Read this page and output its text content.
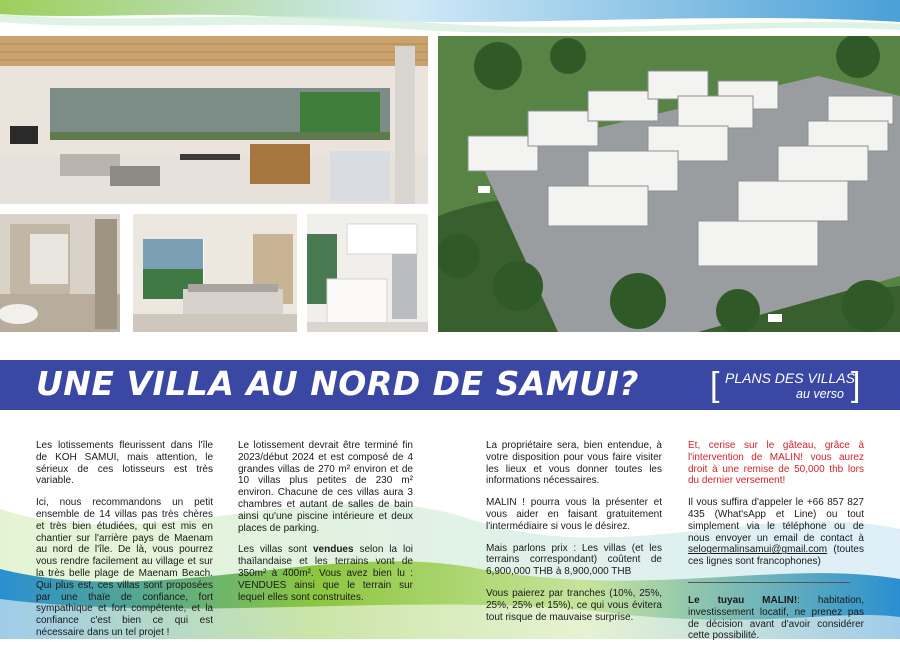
UNE VILLA AU NORD DE SAMUI? [	]
PLANS DES VILLAS
au verso

Les lotissements fleurissent dans l'île de KOH SAMUI, mais attention, le sérieux de ces lotisseurs est très variable.

Ici, nous recommandons un petit ensemble de 14 villas pas très chères et très bien étudiées, qui est mis en chantier sur l'arrière pays de Maenam au nord de l'île. De là, vous pourrez vous rendre facilement au village et sur la très belle plage de Maenam Beach. Qui plus est, ces villas sont proposées par une thaïe de confiance, fort sympathique et fort compétente, et la confiance c'est bien ce qui est nécessaire dans un tel projet !

Le lotissement devrait être terminé fin 2023/début 2024 et est composé de 4 grandes villas de 270 m² environ et de 10 villas plus petites de 230 m² environ. Chacune de ces villas aura 3 chambres et autant de salles de bain ainsi qu'une piscine intérieure et deux places de parking.

Les villas sont vendues selon la loi thaïlandaise et les terrains vont de 350m² à 400m². Vous avez bien lu : VENDUES ainsi que le terrain sur lequel elles sont construites.

La propriétaire sera, bien entendue, à votre disposition pour vous faire visiter les lieux et vous donner toutes les informations nécessaires.

MALIN ! pourra vous la présenter et vous aider en faisant gratuitement l'intermédiaire si vous le désirez.

Mais parlons prix : Les villas (et les terrains correspondant) coûtent de 6,900,000 THB à 8,900,000 THB

Vous paierez par tranches (10%, 25%, 25%, 25% et 15%), ce qui vous évitera tout risque de mauvaise surprise.

Et, cerise sur le gâteau, grâce à l'intervention de MALIN! vous aurez droit à une remise de 50,000 thb lors du dernier versement!

Il vous suffira d'appeler le +66 857 827 435 (What'sApp et Line) ou tout simplement via le téléphone ou de nous envoyer un email de contact à selogermalinsamui@gmail.com (toutes ces lignes sont francophones)

Le tuyau MALIN!: habitation, investissement locatif, ne prenez pas de décision avant d'avoir considérer cette possibilité.
